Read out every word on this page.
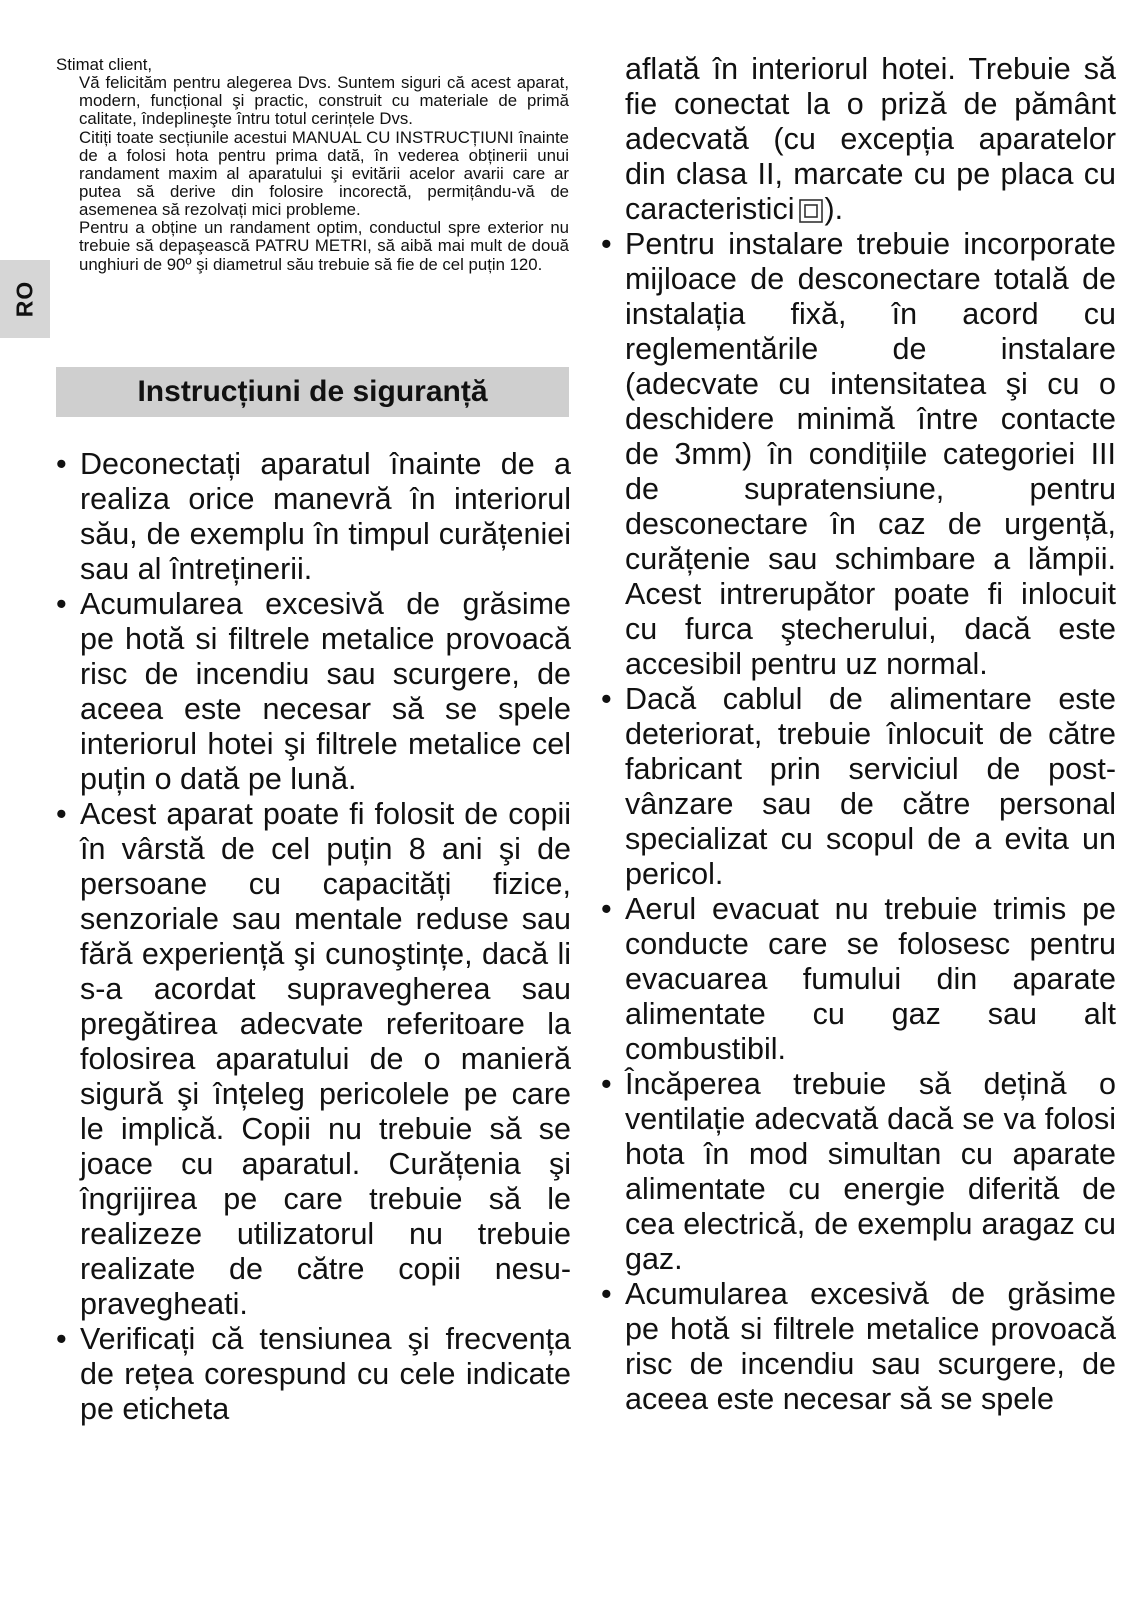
RO

Stimat client,

Vă felicităm pentru alegerea Dvs. Suntem siguri că acest aparat, modern, funcțional şi practic, construit cu materiale de primă calitate, îndeplineşte întru totul cerințele Dvs.

Citiți toate secțiunile acestui MANUAL CU INSTRUCȚIUNI înainte de a folosi hota pentru prima dată, în vederea obținerii unui randament maxim al aparatului şi evitării acelor avarii care ar putea să derive din folosire incorectă, permițându-vă de asemenea să rezolvați mici probleme.

Pentru a obține un randament optim, conductul spre exterior nu trebuie să depaşească PATRU METRI, să aibă mai mult de două unghiuri de 90º şi diametrul său trebuie să fie de cel puțin 120.

Instrucțiuni de siguranță
• Deconectați aparatul înainte de a realiza orice manevră în interiorul său, de exemplu în timpul curățeniei sau al întreținerii.
• Acumularea excesivă de grăsime pe hotă si filtrele metalice provoacă risc de incendiu sau scurgere, de aceea este necesar să se spele interiorul hotei şi filtrele metalice cel puțin o dată pe lună.
• Acest aparat poate fi folosit de copii în vârstă de cel puțin 8 ani şi de persoane cu capacități fizice, senzoriale sau mentale reduse sau fără experiență şi cunoştințe, dacă li s-a acordat supravegherea sau pregătirea adecvate referitoare la folosirea aparatului de o manieră sigură şi înțeleg pericolele pe care le implică. Copii nu trebuie să se joace cu aparatul. Curățenia şi îngrijirea pe care trebuie să le realizeze utilizatorul nu trebuie realizate de către copii nesu-pravegheati.
• Verificați că tensiunea şi frecvența de rețea corespund cu cele indicate pe eticheta
aflată în interiorul hotei. Trebuie să fie conectat la o priză de pământ adecvată (cu excepția aparatelor din clasa II, marcate cu pe placa cu caracteristici ).
• Pentru instalare trebuie incorporate mijloace de desconectare totală de instalația fixă, în acord cu reglementările de instalare (adecvate cu intensitatea şi cu o deschidere minimă între contacte de 3mm) în condițiile categoriei III de supratensiune, pentru desconectare în caz de urgență, curățenie sau schimbare a lămpii. Acest intrerupător poate fi inlocuit cu furca ştecherului, dacă este accesibil pentru uz normal.
• Dacă cablul de alimentare este deteriorat, trebuie înlocuit de către fabricant prin serviciul de post-vânzare sau de către personal specializat cu scopul de a evita un pericol.
• Aerul evacuat nu trebuie trimis pe conducte care se folosesc pentru evacuarea fumului din aparate alimentate cu gaz sau alt combustibil.
• Încăperea trebuie să dețină o ventilație adecvată dacă se va folosi hota în mod simultan cu aparate alimentate cu energie diferită de cea electrică, de exemplu aragaz cu gaz.
• Acumularea excesivă de grăsime pe hotă si filtrele metalice provoacă risc de incendiu sau scurgere, de aceea este necesar să se spele
